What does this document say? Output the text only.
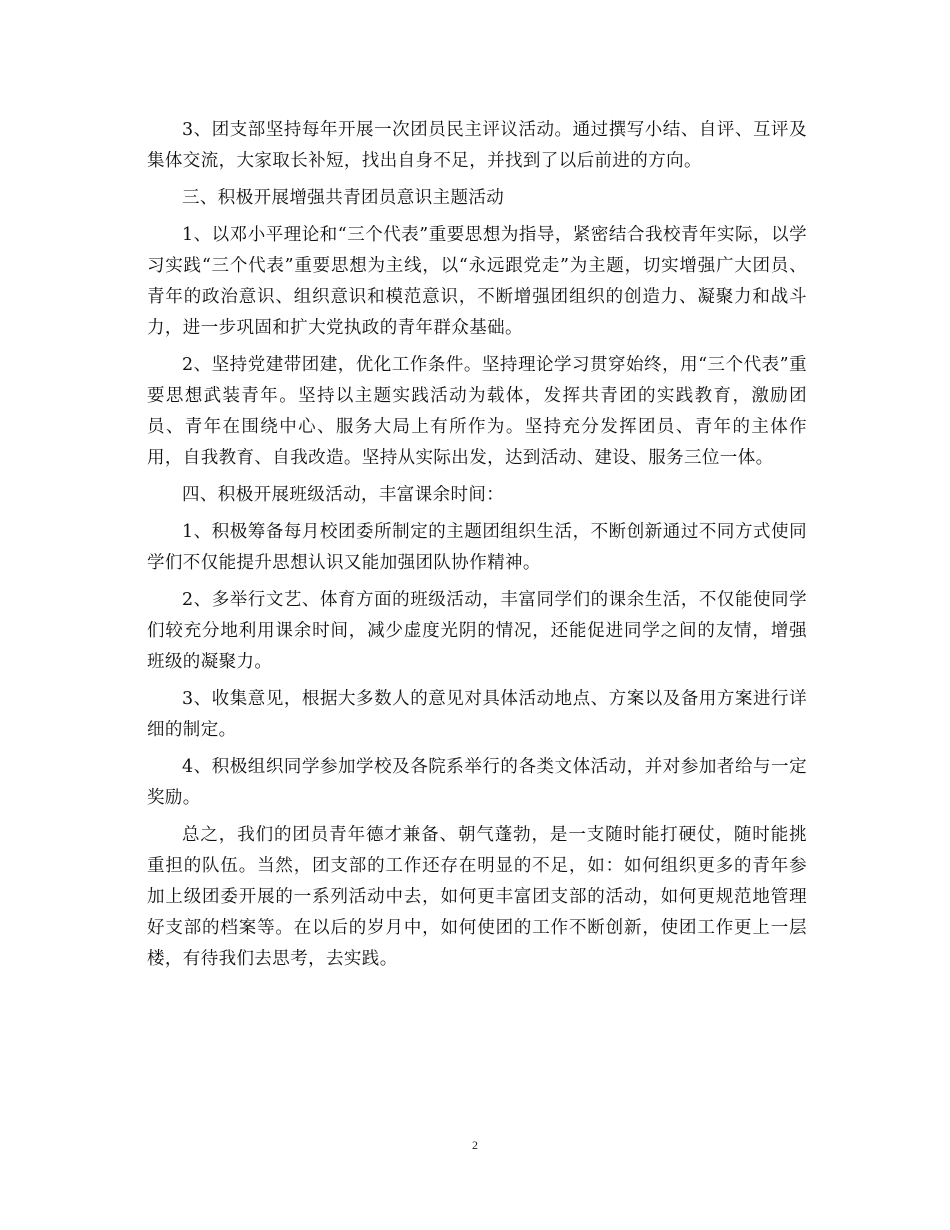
3、团支部坚持每年开展一次团员民主评议活动。通过撰写小结、自评、互评及集体交流，大家取长补短，找出自身不足，并找到了以后前进的方向。

三、积极开展增强共青团员意识主题活动

1、以邓小平理论和“三个代表”重要思想为指导，紧密结合我校青年实际，以学习实践“三个代表”重要思想为主线，以“永远跟党走”为主题，切实增强广大团员、青年的政治意识、组织意识和模范意识，不断增强团组织的创造力、凝聚力和战斗力，进一步巩固和扩大党执政的青年群众基础。

2、坚持党建带团建，优化工作条件。坚持理论学习贯穿始终，用“三个代表”重要思想武装青年。坚持以主题实践活动为载体，发挥共青团的实践教育，激励团员、青年在围绕中心、服务大局上有所作为。坚持充分发挥团员、青年的主体作用，自我教育、自我改造。坚持从实际出发，达到活动、建设、服务三位一体。

四、积极开展班级活动，丰富课余时间：

1、积极筹备每月校团委所制定的主题团组织生活，不断创新通过不同方式使同学们不仅能提升思想认识又能加强团队协作精神。

2、多举行文艺、体育方面的班级活动，丰富同学们的课余生活，不仅能使同学们较充分地利用课余时间，减少虚度光阴的情况，还能促进同学之间的友情，增强班级的凝聚力。

3、收集意见，根据大多数人的意见对具体活动地点、方案以及备用方案进行详细的制定。

4、积极组织同学参加学校及各院系举行的各类文体活动，并对参加者给与一定奖励。

总之，我们的团员青年德才兼备、朝气蓬勃，是一支随时能打硬仗，随时能挑重担的队伍。当然，团支部的工作还存在明显的不足，如：如何组织更多的青年参加上级团委开展的一系列活动中去，如何更丰富团支部的活动，如何更规范地管理好支部的档案等。在以后的岁月中，如何使团的工作不断创新，使团工作更上一层楼，有待我们去思考，去实践。

2
